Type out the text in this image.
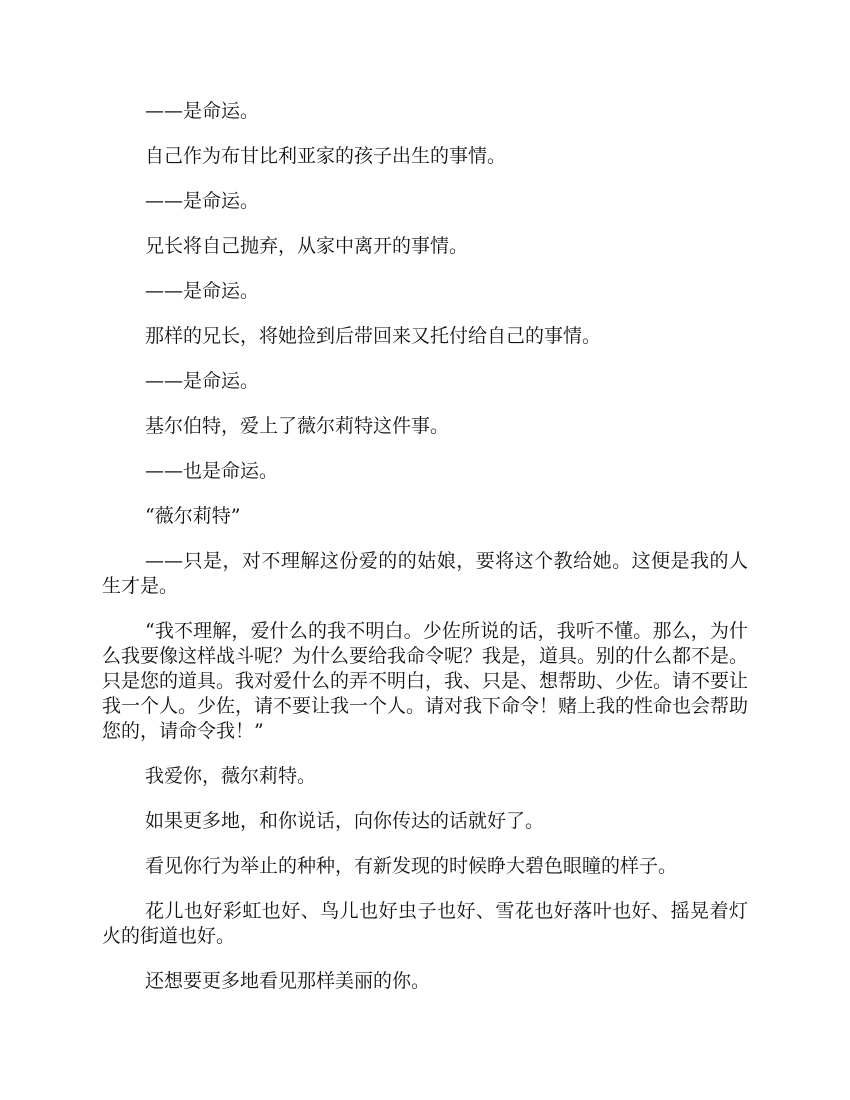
——是命运。

自己作为布甘比利亚家的孩子出生的事情。

——是命运。

兄长将自己抛弃，从家中离开的事情。

——是命运。

那样的兄长，将她捡到后带回来又托付给自己的事情。

——是命运。

基尔伯特，爱上了薇尔莉特这件事。

——也是命运。

“薇尔莉特”

——只是，对不理解这份爱的的姑娘，要将这个教给她。这便是我的人生才是。

“我不理解，爱什么的我不明白。少佐所说的话，我听不懂。那么，为什么我要像这样战斗呢？为什么要给我命令呢？我是，道具。别的什么都不是。只是您的道具。我对爱什么的弄不明白，我、只是、想帮助、少佐。请不要让我一个人。少佐，请不要让我一个人。请对我下命令！赌上我的性命也会帮助您的，请命令我！”

我爱你，薇尔莉特。

如果更多地，和你说话，向你传达的话就好了。

看见你行为举止的种种，有新发现的时候睁大碧色眼瞳的样子。

花儿也好彩虹也好、鸟儿也好虫子也好、雪花也好落叶也好、摇晃着灯火的街道也好。

还想要更多地看见那样美丽的你。
